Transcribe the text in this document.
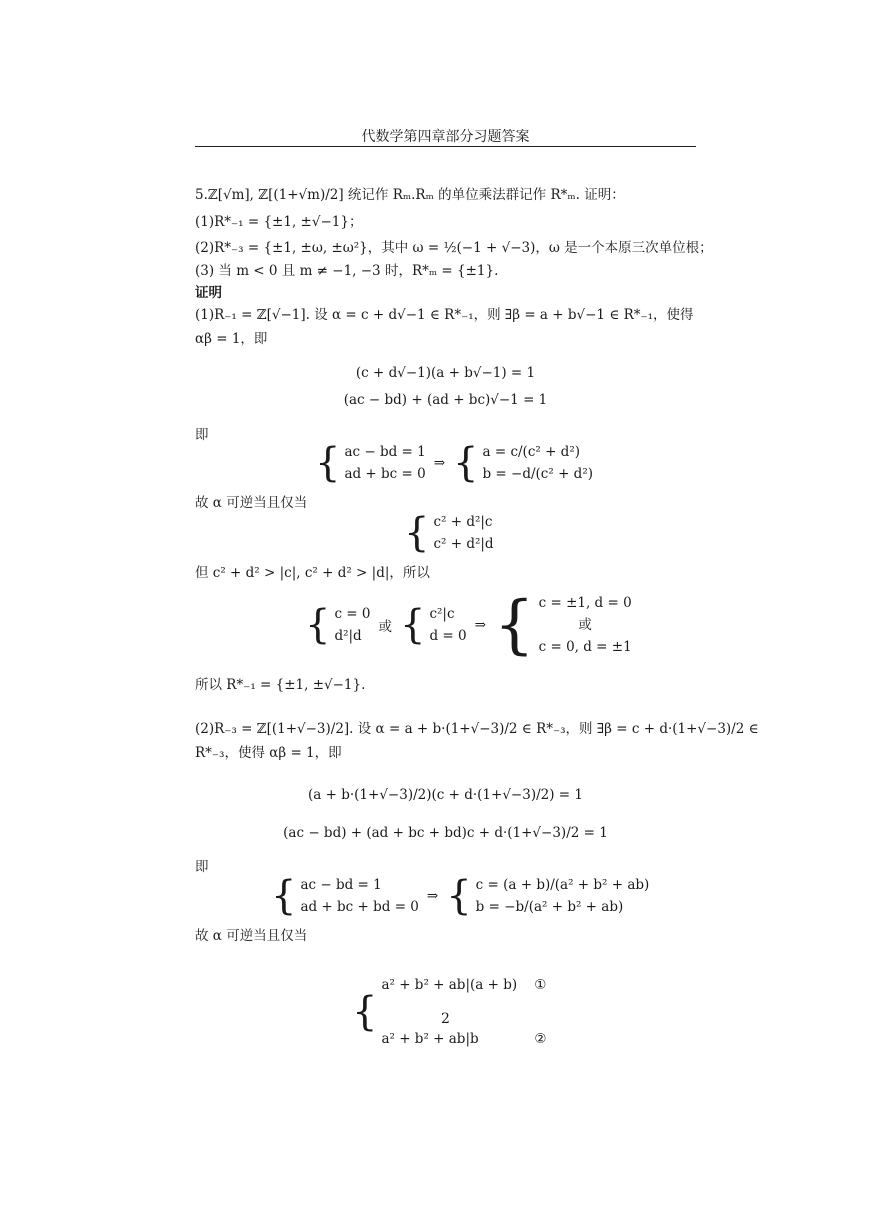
代数学第四章部分习题答案
5.ℤ[√m], ℤ[(1+√m)/2] 统记作 Rₘ.Rₘ 的单位乘法群记作 R*ₘ. 证明：
(1)R*₋₁ = {±1, ±√−1}；
(2)R*₋₃ = {±1, ±ω, ±ω²}，其中 ω = ½(−1 + √−3)，ω 是一个本原三次单位根；
(3) 当 m < 0 且 m ≠ −1, −3 时，R*ₘ = {±1}.
证明
(1)R₋₁ = ℤ[√−1]. 设 α = c + d√−1 ∈ R*₋₁，则 ∃β = a + b√−1 ∈ R*₋₁，使得
αβ = 1，即
(c + d√−1)(a + b√−1) = 1
(ac − bd) + (ad + bc)√−1 = 1
即
{ ac − bd = 1
ad + bc = 0
⇒ { a = c/(c² + d²)
b = −d/(c² + d²)
故 α 可逆当且仅当
{ c² + d²|c
c² + d²|d
但 c² + d² > |c|, c² + d² > |d|，所以
{ c = 0
d²|d
或 { c²|c
d = 0
⇒ { c = ±1, d = 0
或
c = 0, d = ±1
所以 R*₋₁ = {±1, ±√−1}.
(2)R₋₃ = ℤ[(1+√−3)/2]. 设 α = a + b·(1+√−3)/2 ∈ R*₋₃，则 ∃β = c + d·(1+√−3)/2 ∈
R*₋₃，使得 αβ = 1，即
(a + b·(1+√−3)/2)(c + d·(1+√−3)/2) = 1
(ac − bd) + (ad + bc + bd)c + d·(1+√−3)/2 = 1
即
{ ac − bd = 1
ad + bc + bd = 0
⇒ { c = (a + b)/(a² + b² + ab)
b = −b/(a² + b² + ab)
故 α 可逆当且仅当
{

a² + b² + ab|(a + b)    ①

a² + b² + ab|b             ②

2
